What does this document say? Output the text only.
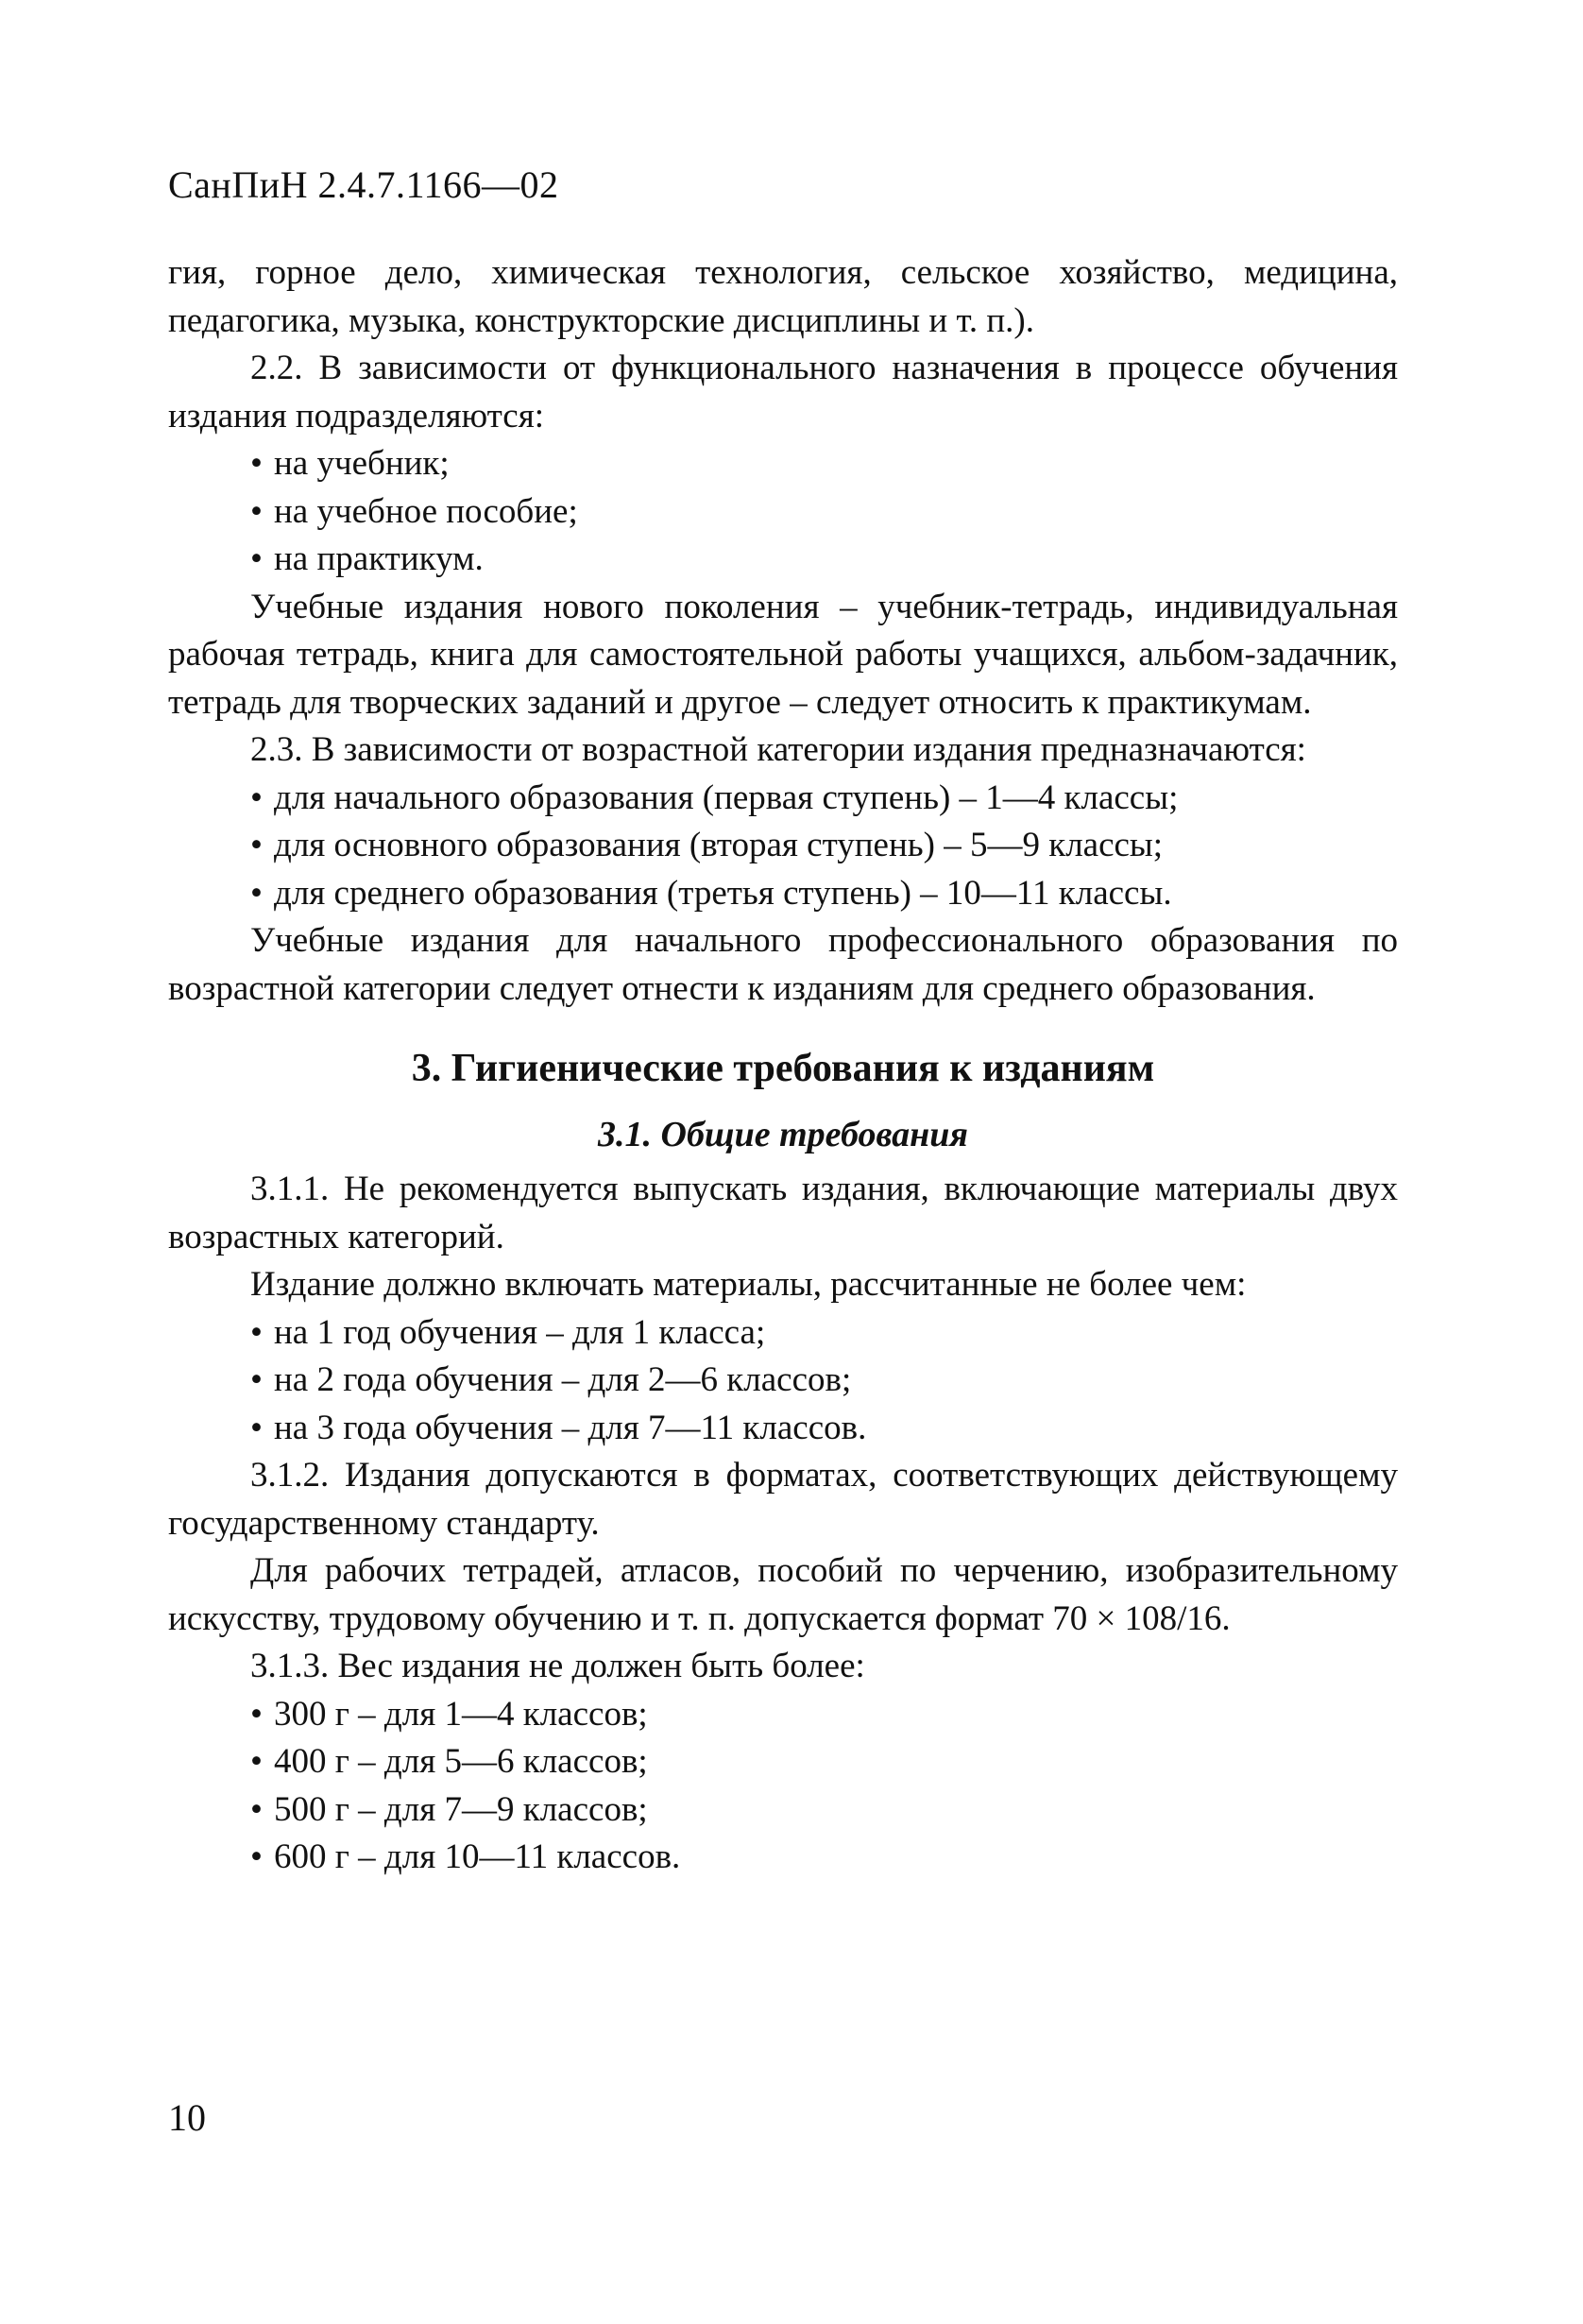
СанПиН 2.4.7.1166—02

гия, горное дело, химическая технология, сельское хозяйство, медицина, педагогика, музыка, конструкторские дисциплины и т. п.).

2.2. В зависимости от функционального назначения в процессе обучения издания подразделяются:

• на учебник;
• на учебное пособие;
• на практикум.

Учебные издания нового поколения – учебник-тетрадь, индивидуальная рабочая тетрадь, книга для самостоятельной работы учащихся, альбом-задачник, тетрадь для творческих заданий и другое – следует относить к практикумам.

2.3. В зависимости от возрастной категории издания предназначаются:

• для начального образования (первая ступень) – 1—4 классы;
• для основного образования (вторая ступень) – 5—9 классы;
• для среднего образования (третья ступень) – 10—11 классы.

Учебные издания для начального профессионального образования по возрастной категории следует отнести к изданиям для среднего образования.

3. Гигиенические требования к изданиям
3.1. Общие требования

3.1.1. Не рекомендуется выпускать издания, включающие материалы двух возрастных категорий.

Издание должно включать материалы, рассчитанные не более чем:

• на 1 год обучения – для 1 класса;
• на 2 года обучения – для 2—6 классов;
• на 3 года обучения – для 7—11 классов.

3.1.2. Издания допускаются в форматах, соответствующих действующему государственному стандарту.

Для рабочих тетрадей, атласов, пособий по черчению, изобразительному искусству, трудовому обучению и т. п. допускается формат 70 × 108/16.

3.1.3. Вес издания не должен быть более:

• 300 г – для 1—4 классов;
• 400 г – для 5—6 классов;
• 500 г – для 7—9 классов;
• 600 г – для 10—11 классов.
10
